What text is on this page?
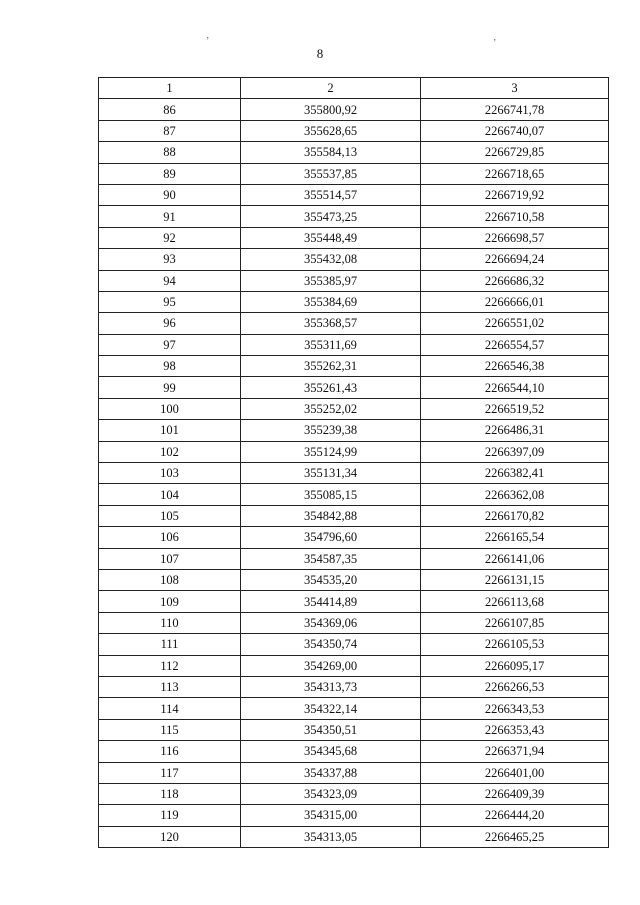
ʼ	ʼ
8
1	2	3
86	355800,92	2266741,78
87	355628,65	2266740,07
88	355584,13	2266729,85
89	355537,85	2266718,65
90	355514,57	2266719,92
91	355473,25	2266710,58
92	355448,49	2266698,57
93	355432,08	2266694,24
94	355385,97	2266686,32
95	355384,69	2266666,01
96	355368,57	2266551,02
97	355311,69	2266554,57
98	355262,31	2266546,38
99	355261,43	2266544,10
100	355252,02	2266519,52
101	355239,38	2266486,31
102	355124,99	2266397,09
103	355131,34	2266382,41
104	355085,15	2266362,08
105	354842,88	2266170,82
106	354796,60	2266165,54
107	354587,35	2266141,06
108	354535,20	2266131,15
109	354414,89	2266113,68
110	354369,06	2266107,85
111	354350,74	2266105,53
112	354269,00	2266095,17
113	354313,73	2266266,53
114	354322,14	2266343,53
115	354350,51	2266353,43
116	354345,68	2266371,94
117	354337,88	2266401,00
118	354323,09	2266409,39
119	354315,00	2266444,20
120	354313,05	2266465,25
